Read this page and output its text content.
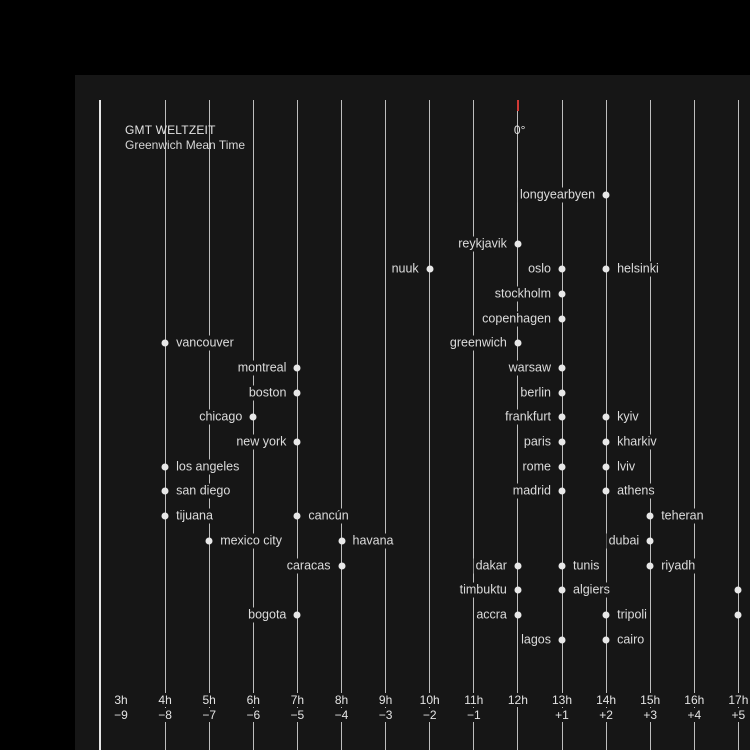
GMT WELTZEIT
Greenwich Mean Time
0°
longyearbyen
reykjavik
nuuk	oslo	helsinki
stockholm
copenhagen
vancouver	greenwich
montreal	warsaw
boston	berlin
chicago	frankfurt	kyiv
new york	paris	kharkiv
los angeles	rome	lviv
san diego	madrid	athens
tijuana	cancún	teheran
mexico city	havana	dubai
caracas	dakar	tunis	riyadh
timbuktu	algiers
bogota	accra	tripoli
lagos	cairo
3h
−9
4h
−8
5h
−7
6h
−6
7h
−5
8h
−4
9h
−3
10h
−2
11h
−1
12h 13h
+1
14h
+2
15h
+3
16h
+4
17h
+5
